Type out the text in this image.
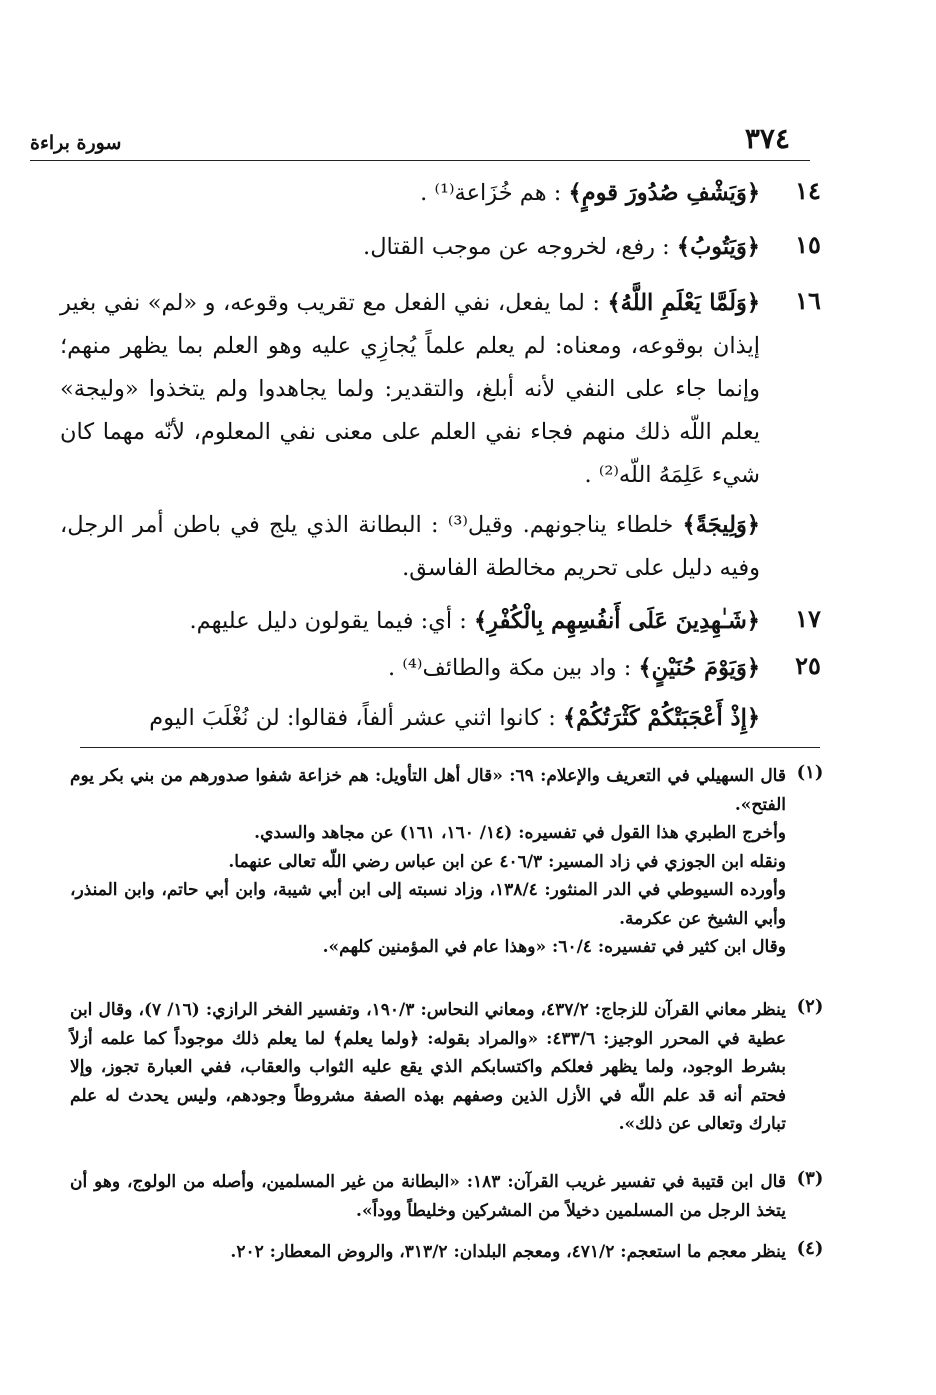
٣٧٤
سورة براءة
١٤
﴿وَيَشْفِ صُدُورَ قومٍ﴾ : هم خُزَاعة⁽¹⁾ .
١٥
﴿وَيَتُوبُ﴾ : رفع، لخروجه عن موجب القتال.
١٦
﴿وَلَمَّا يَعْلَمِ اللَّهُ﴾ : لما يفعل، نفي الفعل مع تقريب وقوعه، و «لم» نفي بغير إيذان بوقوعه، ومعناه: لم يعلم علماً يُجازِي عليه وهو العلم بما يظهر منهم؛ وإنما جاء على النفي لأنه أبلغ، والتقدير: ولما يجاهدوا ولم يتخذوا «وليجة» يعلم اللّه ذلك منهم فجاء نفي العلم على معنى نفي المعلوم، لأنّه مهما كان شيء عَلِمَهُ اللّه⁽²⁾ .
﴿وَلِيجَةً﴾ خلطاء يناجونهم. وقيل⁽³⁾ : البطانة الذي يلج في باطن أمر الرجل، وفيه دليل على تحريم مخالطة الفاسق.
١٧
﴿شَـٰهِدِينَ عَلَى أَنفُسِهِم بِالْكُفْرِ﴾ : أي: فيما يقولون دليل عليهم.
٢٥
﴿وَيَوْمَ حُنَيْنٍ﴾ : واد بين مكة والطائف⁽⁴⁾ .
﴿إِذْ أَعْجَبَتْكُمْ كَثْرَتُكُمْ﴾ : كانوا اثني عشر ألفاً، فقالوا: لن نُغْلَبَ اليوم
(١)
قال السهيلي في التعريف والإعلام: ٦٩: «قال أهل التأويل: هم خزاعة شفوا صدورهم من بني بكر يوم الفتح».
وأخرج الطبري هذا القول في تفسيره: (١٤/ ١٦٠، ١٦١) عن مجاهد والسدي.
ونقله ابن الجوزي في زاد المسير: ٤٠٦/٣ عن ابن عباس رضي اللّه تعالى عنهما.
وأورده السيوطي في الدر المنثور: ١٣٨/٤، وزاد نسبته إلى ابن أبي شيبة، وابن أبي حاتم، وابن المنذر، وأبي الشيخ عن عكرمة.
وقال ابن كثير في تفسيره: ٦٠/٤: «وهذا عام في المؤمنين كلهم».
(٢)
ينظر معاني القرآن للزجاج: ٤٣٧/٢، ومعاني النحاس: ١٩٠/٣، وتفسير الفخر الرازي: (١٦/ ٧)، وقال ابن عطية في المحرر الوجيز: ٤٣٣/٦: «والمراد بقوله: ﴿ولما يعلم﴾ لما يعلم ذلك موجوداً كما علمه أزلاً بشرط الوجود، ولما يظهر فعلكم واكتسابكم الذي يقع عليه الثواب والعقاب، ففي العبارة تجوز، وإلا فحتم أنه قد علم اللّه في الأزل الذين وصفهم بهذه الصفة مشروطاً وجودهم، وليس يحدث له علم تبارك وتعالى عن ذلك».
(٣)
قال ابن قتيبة في تفسير غريب القرآن: ١٨٣: «البطانة من غير المسلمين، وأصله من الولوج، وهو أن يتخذ الرجل من المسلمين دخيلاً من المشركين وخليطاً ووداً».
(٤)
ينظر معجم ما استعجم: ٤٧١/٢، ومعجم البلدان: ٣١٣/٢، والروض المعطار: ٢٠٢.
